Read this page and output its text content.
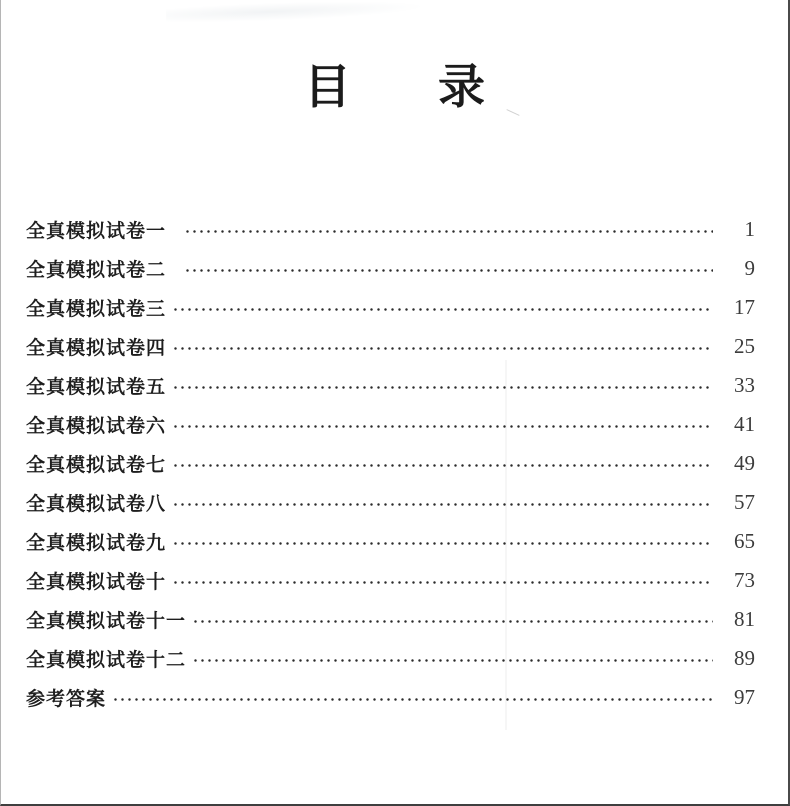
目　录
全真模拟试卷一	1
全真模拟试卷二	9
全真模拟试卷三	17
全真模拟试卷四	25
全真模拟试卷五	33
全真模拟试卷六	41
全真模拟试卷七	49
全真模拟试卷八	57
全真模拟试卷九	65
全真模拟试卷十	73
全真模拟试卷十一	81
全真模拟试卷十二	89
参考答案	97
